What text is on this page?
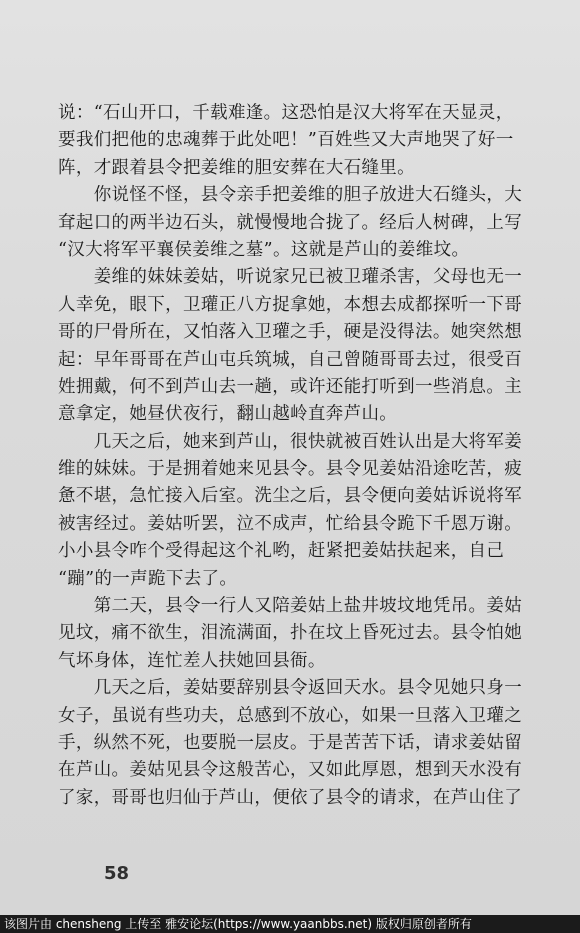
说：“石山开口，千载难逢。这恐怕是汉大将军在天显灵，
要我们把他的忠魂葬于此处吧！”百姓些又大声地哭了好一
阵，才跟着县令把姜维的胆安葬在大石缝里。
　　你说怪不怪，县令亲手把姜维的胆子放进大石缝头，大
耷起口的两半边石头，就慢慢地合拢了。经后人树碑，上写
“汉大将军平襄侯姜维之墓”。这就是芦山的姜维坟。
　　姜维的妹妹姜姑，听说家兄已被卫瓘杀害，父母也无一
人幸免，眼下，卫瓘正八方捉拿她，本想去成都探听一下哥
哥的尸骨所在，又怕落入卫瓘之手，硬是没得法。她突然想
起：早年哥哥在芦山屯兵筑城，自己曾随哥哥去过，很受百
姓拥戴，何不到芦山去一趟，或许还能打听到一些消息。主
意拿定，她昼伏夜行，翻山越岭直奔芦山。
　　几天之后，她来到芦山，很快就被百姓认出是大将军姜
维的妹妹。于是拥着她来见县令。县令见姜姑沿途吃苦，疲
惫不堪，急忙接入后室。洗尘之后，县令便向姜姑诉说将军
被害经过。姜姑听罢，泣不成声，忙给县令跪下千恩万谢。
小小县令咋个受得起这个礼哟，赶紧把姜姑扶起来，自己
“蹦”的一声跪下去了。
　　第二天，县令一行人又陪姜姑上盐井坡坟地凭吊。姜姑
见坟，痛不欲生，泪流满面，扑在坟上昏死过去。县令怕她
气坏身体，连忙差人扶她回县衙。
　　几天之后，姜姑要辞别县令返回天水。县令见她只身一
女子，虽说有些功夫，总感到不放心，如果一旦落入卫瓘之
手，纵然不死，也要脱一层皮。于是苦苦下话，请求姜姑留
在芦山。姜姑见县令这般苦心，又如此厚恩，想到天水没有
了家，哥哥也归仙于芦山，便依了县令的请求，在芦山住了
58
该图片由 chensheng 上传至 雅安论坛(https://www.yaanbbs.net) 版权归原创者所有
